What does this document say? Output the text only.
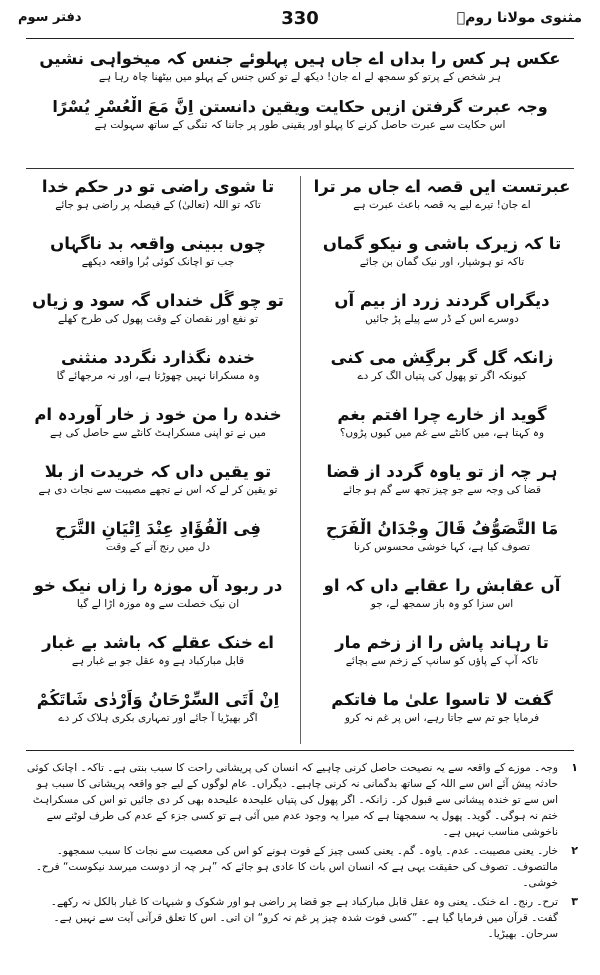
مثنوی مولانا رومؒ
330
دفتر سوم
عکس ہر کس را بداں اے جاں ہیں پہلوئے جنس کہ میخواہی نشیں
ہر شخص کے پرتو کو سمجھ لے اے جان! دیکھ لے تو کس جنس کے پہلو میں بیٹھنا چاہ رہا ہے
وجہ عبرت گرفتن ازیں حکایت ویقین دانستن اِنَّ مَعَ الْعُسْرِ یُسْرًا
اس حکایت سے عبرت حاصل کرنے کا پہلو اور یقینی طور پر جاننا کہ تنگی کے ساتھ سہولت ہے
عبرتست ایں قصہ اے جاں مر ترا
اے جان! تیرے لیے یہ قصہ باعث عبرت ہے
تا کہ زیرک باشی و نیکو گماں
تاکہ تو ہوشیار، اور نیک گمان بن جائے
دیگراں گردند زرد از بیم آں
دوسرے اس کے ڈر سے پیلے پڑ جائیں
زانکہ گل گر برگِش می کنی
کیونکہ اگر تو پھول کی پتیاں الگ کر دے
گوید از خارے چرا افتم بغم
وہ کہتا ہے، میں کانٹے سے غم میں کیوں پڑوں؟
ہر چہ از تو یاوہ گردد از قضا
قضا کی وجہ سے جو چیز تجھ سے گم ہو جائے
مَا التَّصَوُّفُ قَالَ وِجْدَانُ الْفَرَحِ
تصوف کیا ہے، کہا خوشی محسوس کرنا
آں عقابش را عقابے داں کہ او
اس سزا کو وہ باز سمجھ لے، جو
تا رہاند پاش را از زخم مار
تاکہ آپ کے پاؤں کو سانپ کے زخم سے بچائے
گفت لا تاسوا علیٰ ما فاتکم
فرمایا جو تم سے جاتا رہے، اس پر غم نہ کرو
تا شوی راضی تو در حکم خدا
تاکہ تو اللہ (تعالیٰ) کے فیصلہ پر راضی ہو جائے
چوں ببینی واقعہ بد ناگہاں
جب تو اچانک کوئی بُرا واقعہ دیکھے
تو چو گُل خنداں گہ سود و زیاں
تو نفع اور نقصان کے وقت پھول کی طرح کھلے
خندہ نگذارد نگردد منثنی
وہ مسکرانا نہیں چھوڑتا ہے، اور نہ مرجھائے گا
خندہ را من خود ز خار آوردہ ام
میں نے تو اپنی مسکراہٹ کانٹے سے حاصل کی ہے
تو یقیں داں کہ خریدت از بلا
تو یقین کر لے کہ اس نے تجھے مصیبت سے نجات دی ہے
فِی الْفُؤَادِ عِنْدَ اِتْیَانِ التَّرَحِ
دل میں رنج آنے کے وقت
در ربود آں موزہ را زاں نیک خو
ان نیک خصلت سے وہ موزہ اڑا لے گیا
اے خنک عقلے کہ باشد بے غبار
قابل مبارکباد ہے وہ عقل جو بے غبار ہے
اِنْ اَتَی السِّرْحَانُ وَاَرْدٰی شَاتَکُمْ
اگر بھیڑیا آ جائے اور تمہاری بکری ہلاک کر دے
۱
وجہ۔ موزے کے واقعہ سے یہ نصیحت حاصل کرنی چاہیے کہ انسان کی پریشانی راحت کا سبب بنتی ہے۔ تاکہ۔ اچانک کوئی حادثہ پیش آئے اس سے اللہ کے ساتھ بدگمانی نہ کرنی چاہیے۔ دیگراں۔ عام لوگوں کے لیے جو واقعہ پریشانی کا سبب ہو اس سے تو خندہ پیشانی سے قبول کر۔ زانکہ۔ اگر پھول کی پتیاں علیحدہ علیحدہ بھی کر دی جائیں تو اس کی مسکراہٹ ختم نہ ہوگی۔ گوید۔ پھول یہ سمجھتا ہے کہ میرا یہ وجود عدم میں آئی ہے تو کسی جزء کے عدم کی طرف لوٹنے سے ناخوشی مناسب نہیں ہے۔
۲
خار۔ یعنی مصیبت۔ عدم۔ یاوہ۔ گم۔ یعنی کسی چیز کے فوت ہونے کو اس کی معصیت سے نجات کا سبب سمجھو۔ مالتصوف۔ تصوف کی حقیقت یہی ہے کہ انسان اس بات کا عادی ہو جائے کہ ”ہر چہ از دوست میرسد نیکوست“ فرح۔ خوشی۔
۳
ترح۔ رنج۔ اے خنک۔ یعنی وہ عقل قابل مبارکباد ہے جو قضا پر راضی ہو اور شکوک و شبہات کا غبار بالکل نہ رکھے۔ گفت۔ قرآن میں فرمایا گیا ہے۔ ”کسی فوت شدہ چیز پر غم نہ کرو“ ان اتی۔ اس کا تعلق قرآنی آیت سے نہیں ہے۔ سرحان۔ بھیڑیا۔
